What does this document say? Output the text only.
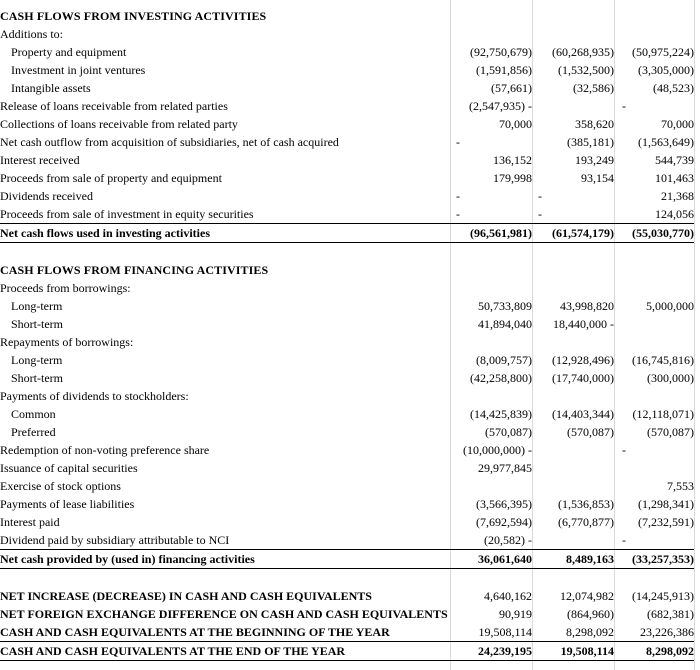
CASH FLOWS FROM INVESTING ACTIVITIES			
Additions to:			
Property and equipment	(92,750,679)	(60,268,935)	(50,975,224)
Investment in joint ventures	(1,591,856)	(1,532,500)	(3,305,000)
Intangible assets	(57,661)	(32,586)	(48,523)
Release of loans receivable from related parties	(2,547,935) -		-
Collections of loans receivable from related party	70,000	358,620	70,000
Net cash outflow from acquisition of subsidiaries, net of cash acquired	-	(385,181)	(1,563,649)
Interest received	136,152	193,249	544,739
Proceeds from sale of property and equipment	179,998	93,154	101,463
Dividends received	-	-	21,368
Proceeds from sale of investment in equity securities	-	-	124,056
Net cash flows used in investing activities	(96,561,981)	(61,574,179)	(55,030,770)

CASH FLOWS FROM FINANCING ACTIVITIES			
Proceeds from borrowings:			
Long-term	50,733,809	43,998,820	5,000,000
Short-term	41,894,040	18,440,000 -	
Repayments of borrowings:			
Long-term	(8,009,757)	(12,928,496)	(16,745,816)
Short-term	(42,258,800)	(17,740,000)	(300,000)
Payments of dividends to stockholders:			
Common	(14,425,839)	(14,403,344)	(12,118,071)
Preferred	(570,087)	(570,087)	(570,087)
Redemption of non-voting preference share	(10,000,000) -		-
Issuance of capital securities	29,977,845		
Exercise of stock options			7,553
Payments of lease liabilities	(3,566,395)	(1,536,853)	(1,298,341)
Interest paid	(7,692,594)	(6,770,877)	(7,232,591)
Dividend paid by subsidiary attributable to NCI	(20,582) -		-
Net cash provided by (used in) financing activities	36,061,640	8,489,163	(33,257,353)

NET INCREASE (DECREASE) IN CASH AND CASH EQUIVALENTS	4,640,162	12,074,982	(14,245,913)
NET FOREIGN EXCHANGE DIFFERENCE ON CASH AND CASH EQUIVALENTS	90,919	(864,960)	(682,381)
CASH AND CASH EQUIVALENTS AT THE BEGINNING OF THE YEAR	19,508,114	8,298,092	23,226,386
CASH AND CASH EQUIVALENTS AT THE END OF THE YEAR	24,239,195	19,508,114	8,298,092
